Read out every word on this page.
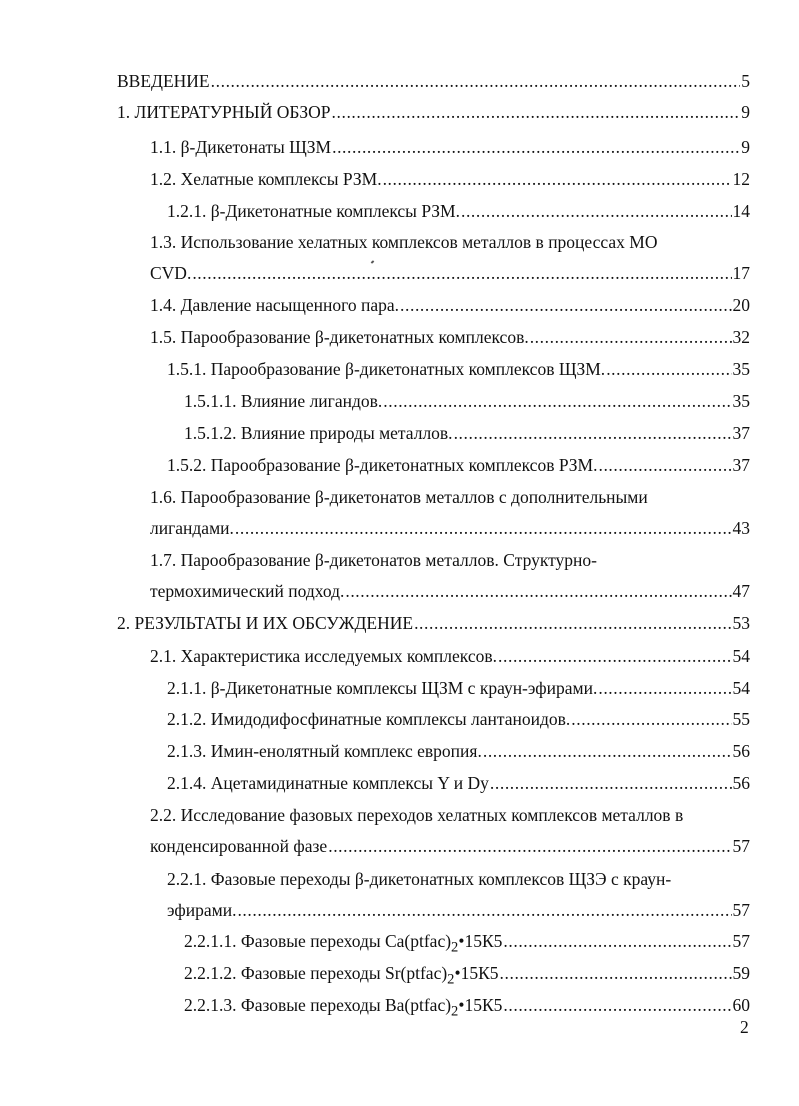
ВВЕДЕНИЕ .....	5
1. ЛИТЕРАТУРНЫЙ ОБЗОР .....	9
1.1. β-Дикетонаты ЩЗМ .....	9
1.2. Хелатные комплексы РЗМ. .....	12
1.2.1. β-Дикетонатные комплексы РЗМ. .....	14
1.3. Использование хелатных комплексов металлов в процессах МО
CVD. .....	17
1.4. Давление насыщенного пара. .....	20
1.5. Парообразование β-дикетонатных комплексов. .....	32
1.5.1. Парообразование β-дикетонатных комплексов ЩЗМ. .....	35
1.5.1.1. Влияние лигандов. .....	35
1.5.1.2. Влияние природы металлов. .....	37
1.5.2. Парообразование β-дикетонатных комплексов РЗМ. .....	37
1.6. Парообразование β-дикетонатов металлов с дополнительными
лигандами. .....	43
1.7. Парообразование β-дикетонатов металлов. Структурно-
термохимический подход. .....	47
2. РЕЗУЛЬТАТЫ И ИХ ОБСУЖДЕНИЕ .....	53
2.1. Характеристика исследуемых комплексов. .....	54
2.1.1. β-Дикетонатные комплексы ЩЗМ с краун-эфирами. .....	54
2.1.2. Имидодифосфинатные комплексы лантаноидов. .....	55
2.1.3. Имин-енолятный комплекс европия. .....	56
2.1.4. Ацетамидинатные комплексы Y и Dy .....	56
2.2. Исследование фазовых переходов хелатных комплексов металлов в
конденсированной фазе .....	57
2.2.1. Фазовые переходы β-дикетонатных комплексов ЩЗЭ с краун-
эфирами. .....	57
2.2.1.1. Фазовые переходы $Ca(ptfac)_2•15К5$ .....	57
2.2.1.2. Фазовые переходы $Sr(ptfac)_2•15К5$ .....	59
2.2.1.3. Фазовые переходы $Ba(ptfac)_2•15К5$ .....	60
2
